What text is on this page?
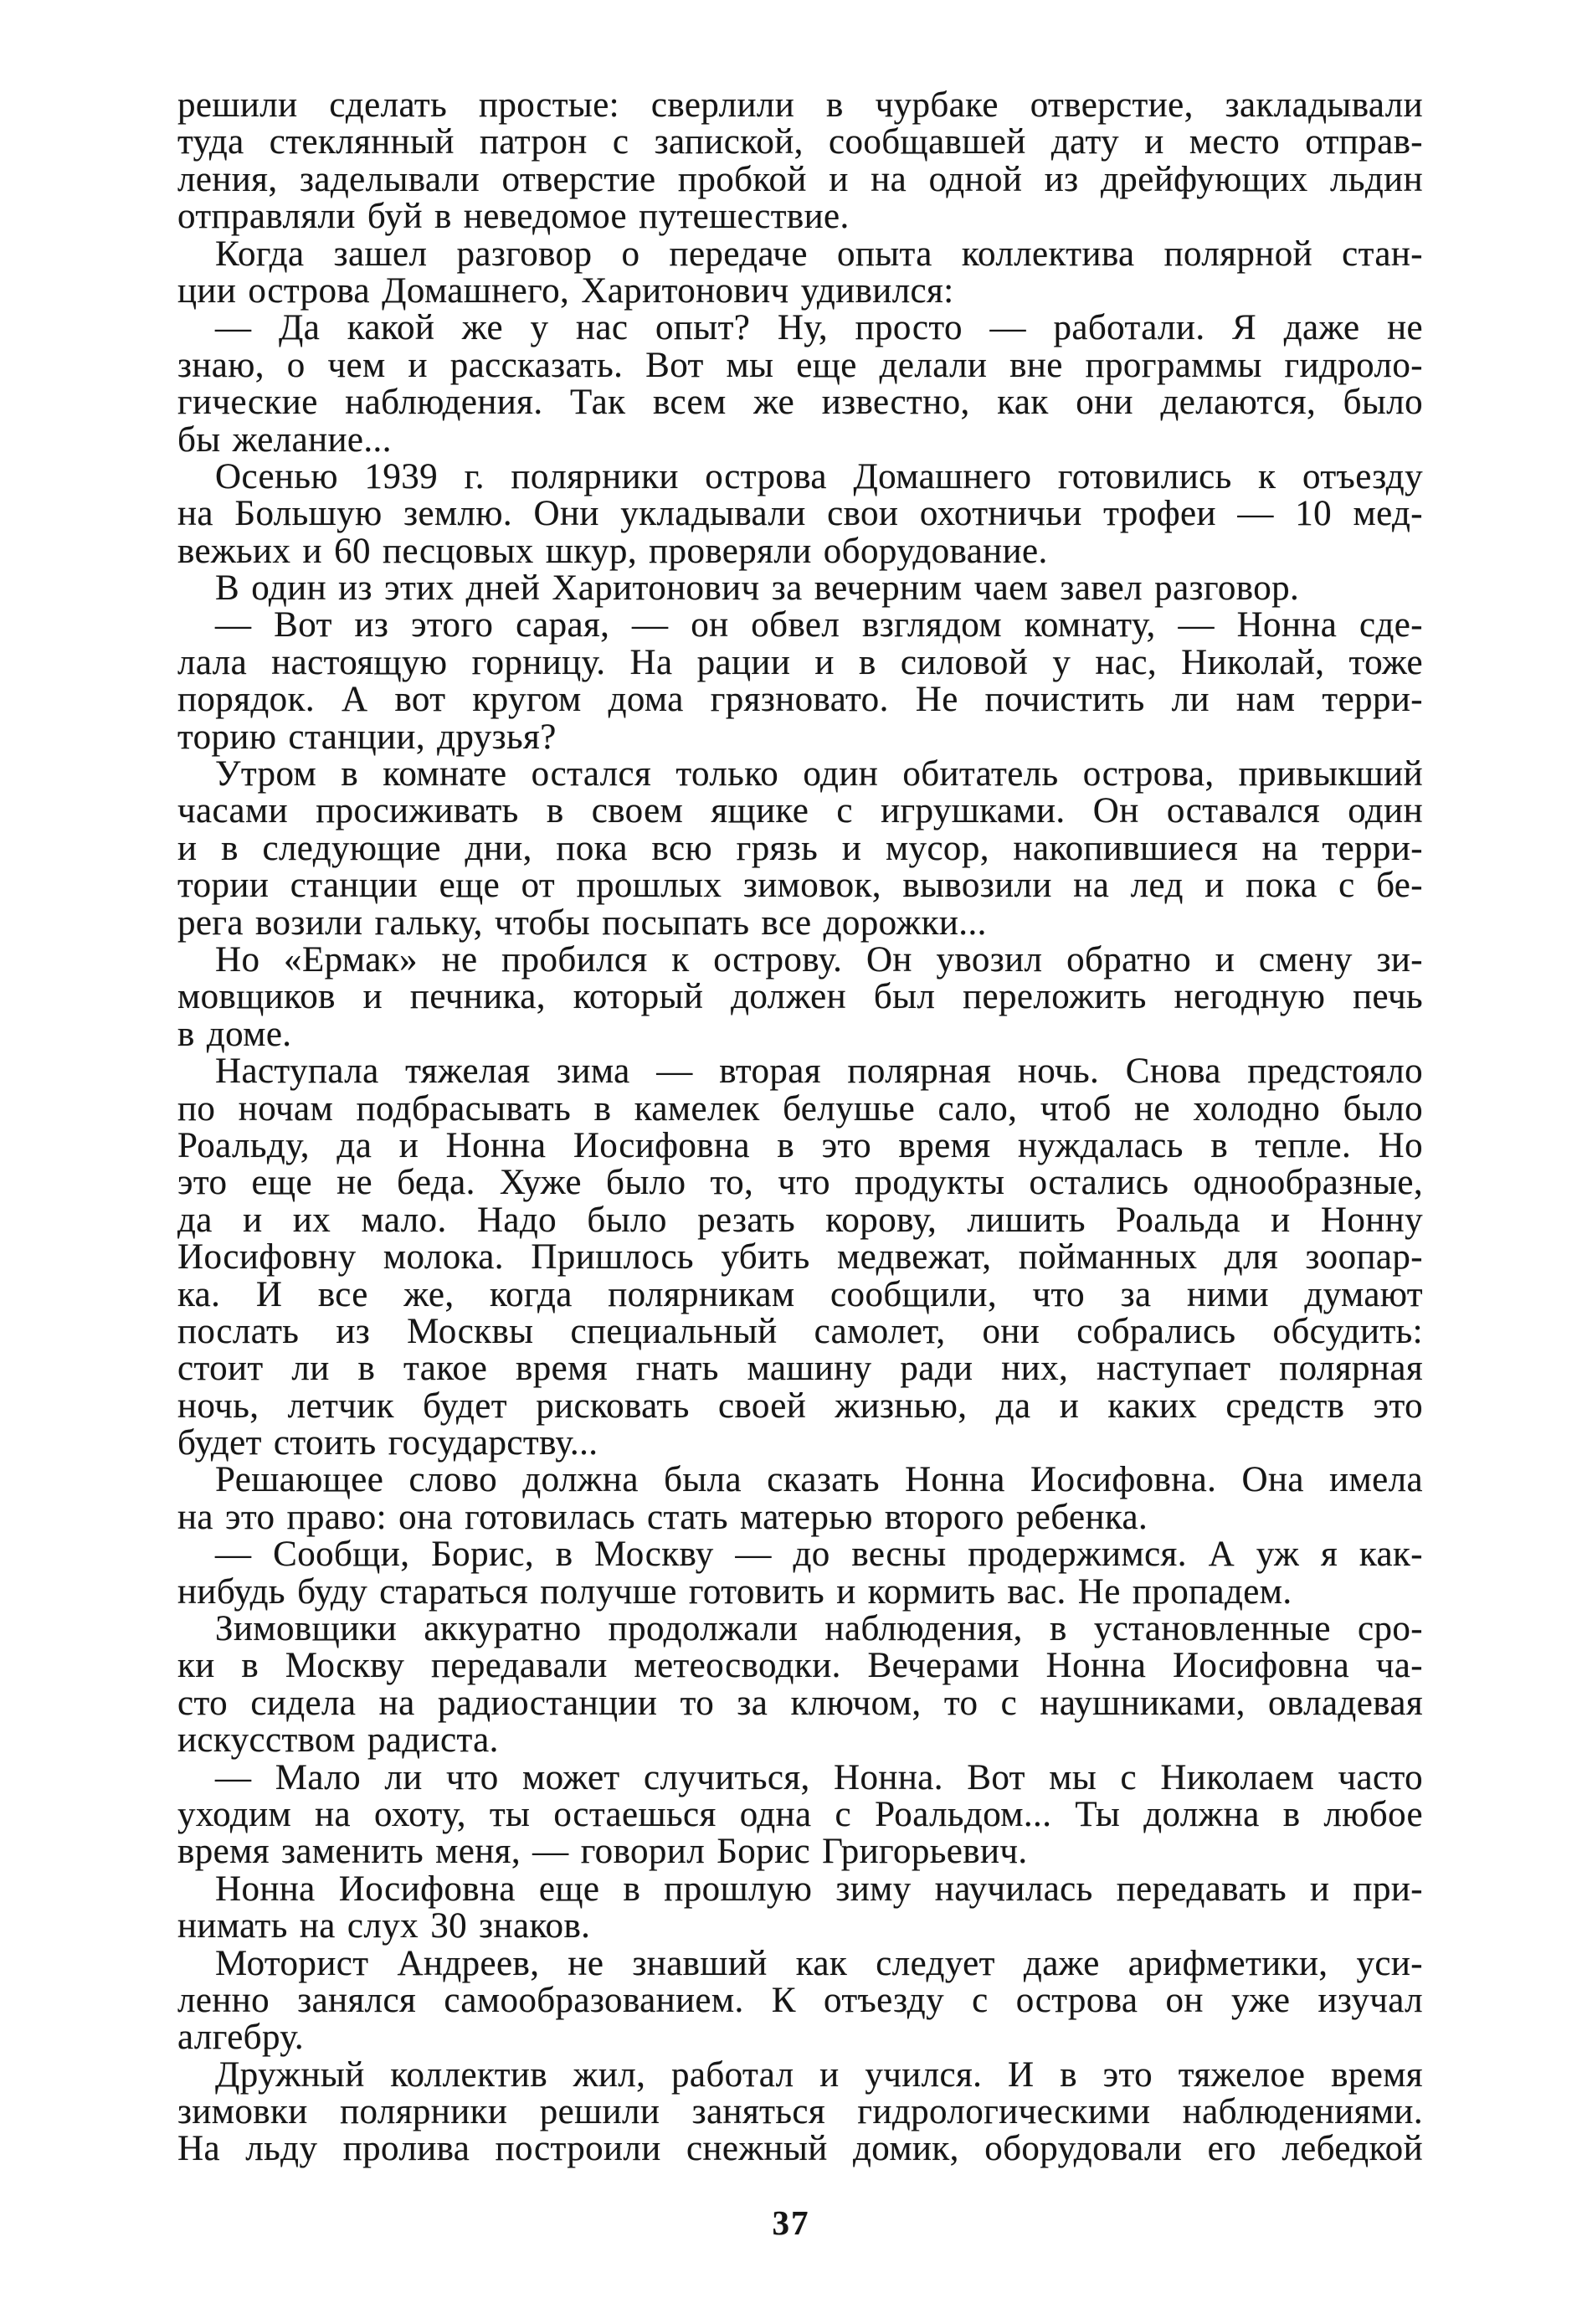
решили сделать простые: сверлили в чурбаке отверстие, закладывали
туда стеклянный патрон с запиской, сообщавшей дату и место отправ-
ления, заделывали отверстие пробкой и на одной из дрейфующих льдин
отправляли буй в неведомое путешествие.
Когда зашел разговор о передаче опыта коллектива полярной стан-
ции острова Домашнего, Харитонович удивился:
— Да какой же у нас опыт? Ну, просто — работали. Я даже не
знаю, о чем и рассказать. Вот мы еще делали вне программы гидроло-
гические наблюдения. Так всем же известно, как они делаются, было
бы желание...
Осенью 1939 г. полярники острова Домашнего готовились к отъезду
на Большую землю. Они укладывали свои охотничьи трофеи — 10 мед-
вежьих и 60 песцовых шкур, проверяли оборудование.
В один из этих дней Харитонович за вечерним чаем завел разговор.
— Вот из этого сарая, — он обвел взглядом комнату, — Нонна сде-
лала настоящую горницу. На рации и в силовой у нас, Николай, тоже
порядок. А вот кругом дома грязновато. Не почистить ли нам терри-
торию станции, друзья?
Утром в комнате остался только один обитатель острова, привыкший
часами просиживать в своем ящике с игрушками. Он оставался один
и в следующие дни, пока всю грязь и мусор, накопившиеся на терри-
тории станции еще от прошлых зимовок, вывозили на лед и пока с бе-
рега возили гальку, чтобы посыпать все дорожки...
Но «Ермак» не пробился к острову. Он увозил обратно и смену зи-
мовщиков и печника, который должен был переложить негодную печь
в доме.
Наступала тяжелая зима — вторая полярная ночь. Снова предстояло
по ночам подбрасывать в камелек белушье сало, чтоб не холодно было
Роальду, да и Нонна Иосифовна в это время нуждалась в тепле. Но
это еще не беда. Хуже было то, что продукты остались однообразные,
да и их мало. Надо было резать корову, лишить Роальда и Нонну
Иосифовну молока. Пришлось убить медвежат, пойманных для зоопар-
ка. И все же, когда полярникам сообщили, что за ними думают
послать из Москвы специальный самолет, они собрались обсудить:
стоит ли в такое время гнать машину ради них, наступает полярная
ночь, летчик будет рисковать своей жизнью, да и каких средств это
будет стоить государству...
Решающее слово должна была сказать Нонна Иосифовна. Она имела
на это право: она готовилась стать матерью второго ребенка.
— Сообщи, Борис, в Москву — до весны продержимся. А уж я как-
нибудь буду стараться получше готовить и кормить вас. Не пропадем.
Зимовщики аккуратно продолжали наблюдения, в установленные сро-
ки в Москву передавали метеосводки. Вечерами Нонна Иосифовна ча-
сто сидела на радиостанции то за ключом, то с наушниками, овладевая
искусством радиста.
— Мало ли что может случиться, Нонна. Вот мы с Николаем часто
уходим на охоту, ты остаешься одна с Роальдом... Ты должна в любое
время заменить меня, — говорил Борис Григорьевич.
Нонна Иосифовна еще в прошлую зиму научилась передавать и при-
нимать на слух 30 знаков.
Моторист Андреев, не знавший как следует даже арифметики, уси-
ленно занялся самообразованием. К отъезду с острова он уже изучал
алгебру.
Дружный коллектив жил, работал и учился. И в это тяжелое время
зимовки полярники решили заняться гидрологическими наблюдениями.
На льду пролива построили снежный домик, оборудовали его лебедкой
37
